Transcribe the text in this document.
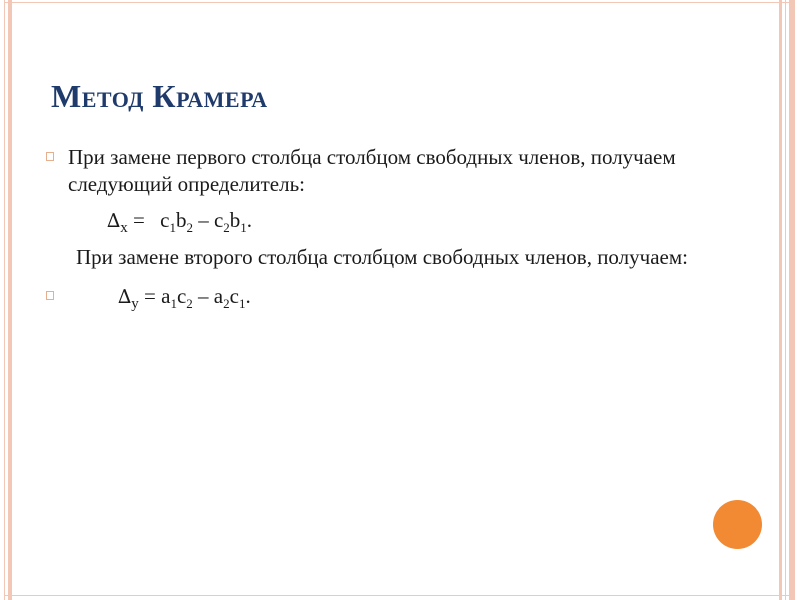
Метод Крамера
При замене первого столбца столбцом свободных членов, получаем следующий определитель:
$\Delta_x = c_1b_2 - c_2b_1$.
При замене второго столбца столбцом свободных членов, получаем:
$\Delta_y = a_1c_2 - a_2c_1$.
